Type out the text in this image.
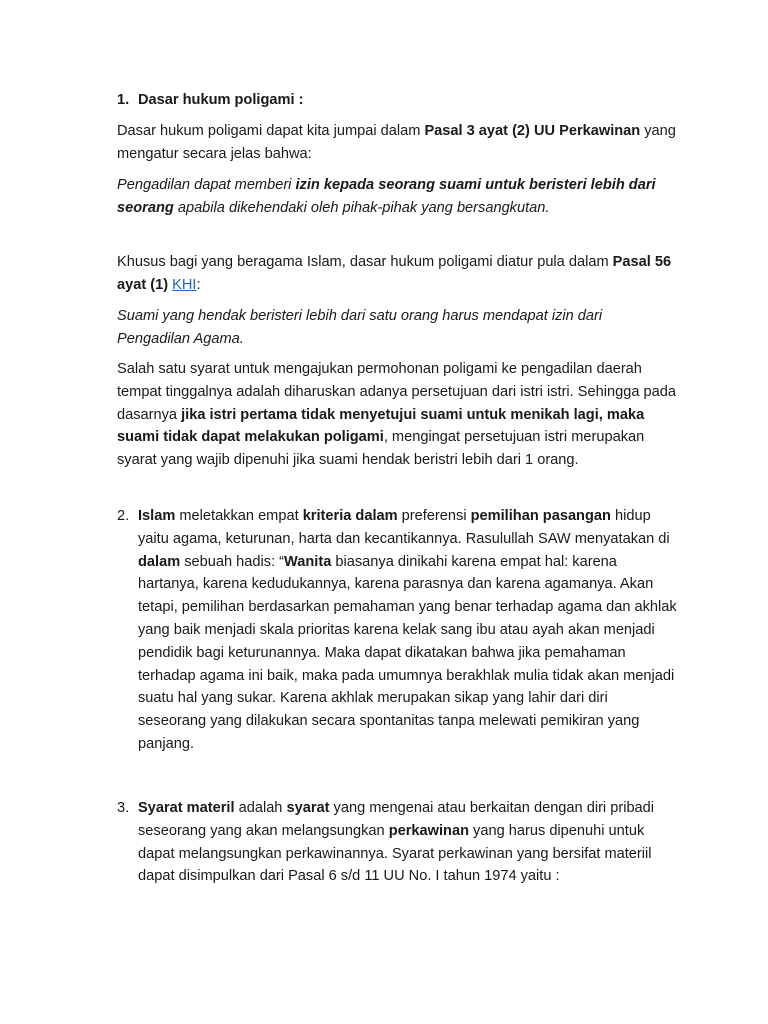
1. Dasar hukum poligami :

Dasar hukum poligami dapat kita jumpai dalam Pasal 3 ayat (2) UU Perkawinan yang mengatur secara jelas bahwa:

Pengadilan dapat memberi izin kepada seorang suami untuk beristeri lebih dari seorang apabila dikehendaki oleh pihak-pihak yang bersangkutan.

Khusus bagi yang beragama Islam, dasar hukum poligami diatur pula dalam Pasal 56 ayat (1) KHI:

Suami yang hendak beristeri lebih dari satu orang harus mendapat izin dari Pengadilan Agama.

Salah satu syarat untuk mengajukan permohonan poligami ke pengadilan daerah tempat tinggalnya adalah diharuskan adanya persetujuan dari istri istri. Sehingga pada dasarnya jika istri pertama tidak menyetujui suami untuk menikah lagi, maka suami tidak dapat melakukan poligami, mengingat persetujuan istri merupakan syarat yang wajib dipenuhi jika suami hendak beristri lebih dari 1 orang.

2. Islam meletakkan empat kriteria dalam preferensi pemilihan pasangan hidup yaitu agama, keturunan, harta dan kecantikannya. Rasulullah SAW menyatakan di dalam sebuah hadis: “Wanita biasanya dinikahi karena empat hal: karena hartanya, karena kedudukannya, karena parasnya dan karena agamanya. Akan tetapi, pemilihan berdasarkan pemahaman yang benar terhadap agama dan akhlak yang baik menjadi skala prioritas karena kelak sang ibu atau ayah akan menjadi pendidik bagi keturunannya. Maka dapat dikatakan bahwa jika pemahaman terhadap agama ini baik, maka pada umumnya berakhlak mulia tidak akan menjadi suatu hal yang sukar. Karena akhlak merupakan sikap yang lahir dari diri seseorang yang dilakukan secara spontanitas tanpa melewati pemikiran yang panjang.
3. Syarat materil adalah syarat yang mengenai atau berkaitan dengan diri pribadi seseorang yang akan melangsungkan perkawinan yang harus dipenuhi untuk dapat melangsungkan perkawinannya. Syarat perkawinan yang bersifat materiil dapat disimpulkan dari Pasal 6 s/d 11 UU No. I tahun 1974 yaitu :
